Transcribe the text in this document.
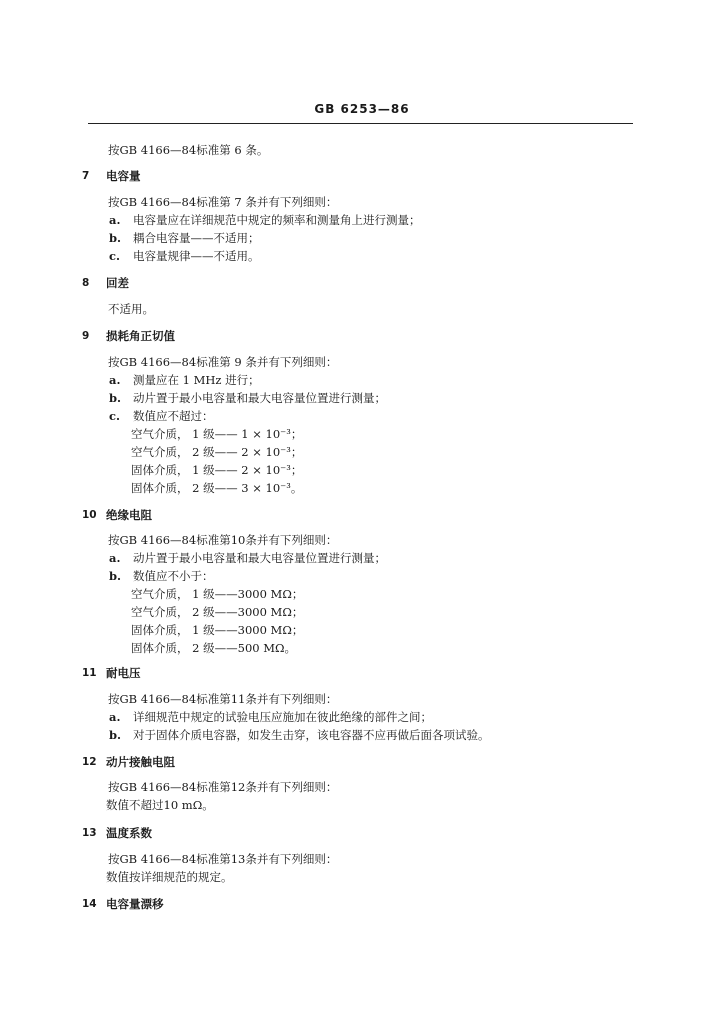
GB 6253—86
按GB 4166—84标准第 6 条。
7 电容量
按GB 4166—84标准第 7 条并有下列细则：
a. 电容量应在详细规范中规定的频率和测量角上进行测量；
b. 耦合电容量——不适用；
c. 电容量规律——不适用。
8 回差
不适用。
9 损耗角正切值
按GB 4166—84标准第 9 条并有下列细则：
a. 测量应在 1 MHz 进行；
b. 动片置于最小电容量和最大电容量位置进行测量；
c. 数值应不超过：
空气介质， 1 级—— 1 × 10⁻³；
空气介质， 2 级—— 2 × 10⁻³；
固体介质， 1 级—— 2 × 10⁻³；
固体介质， 2 级—— 3 × 10⁻³。
10 绝缘电阻
按GB 4166—84标准第10条并有下列细则：
a. 动片置于最小电容量和最大电容量位置进行测量；
b. 数值应不小于：
空气介质， 1 级——3000 MΩ；
空气介质， 2 级——3000 MΩ；
固体介质， 1 级——3000 MΩ；
固体介质， 2 级——500 MΩ。
11 耐电压
按GB 4166—84标准第11条并有下列细则：
a. 详细规范中规定的试验电压应施加在彼此绝缘的部件之间；
b. 对于固体介质电容器，如发生击穿，该电容器不应再做后面各项试验。
12 动片接触电阻
按GB 4166—84标准第12条并有下列细则：
数值不超过10 mΩ。
13 温度系数
按GB 4166—84标准第13条并有下列细则：
数值按详细规范的规定。
14 电容量漂移
